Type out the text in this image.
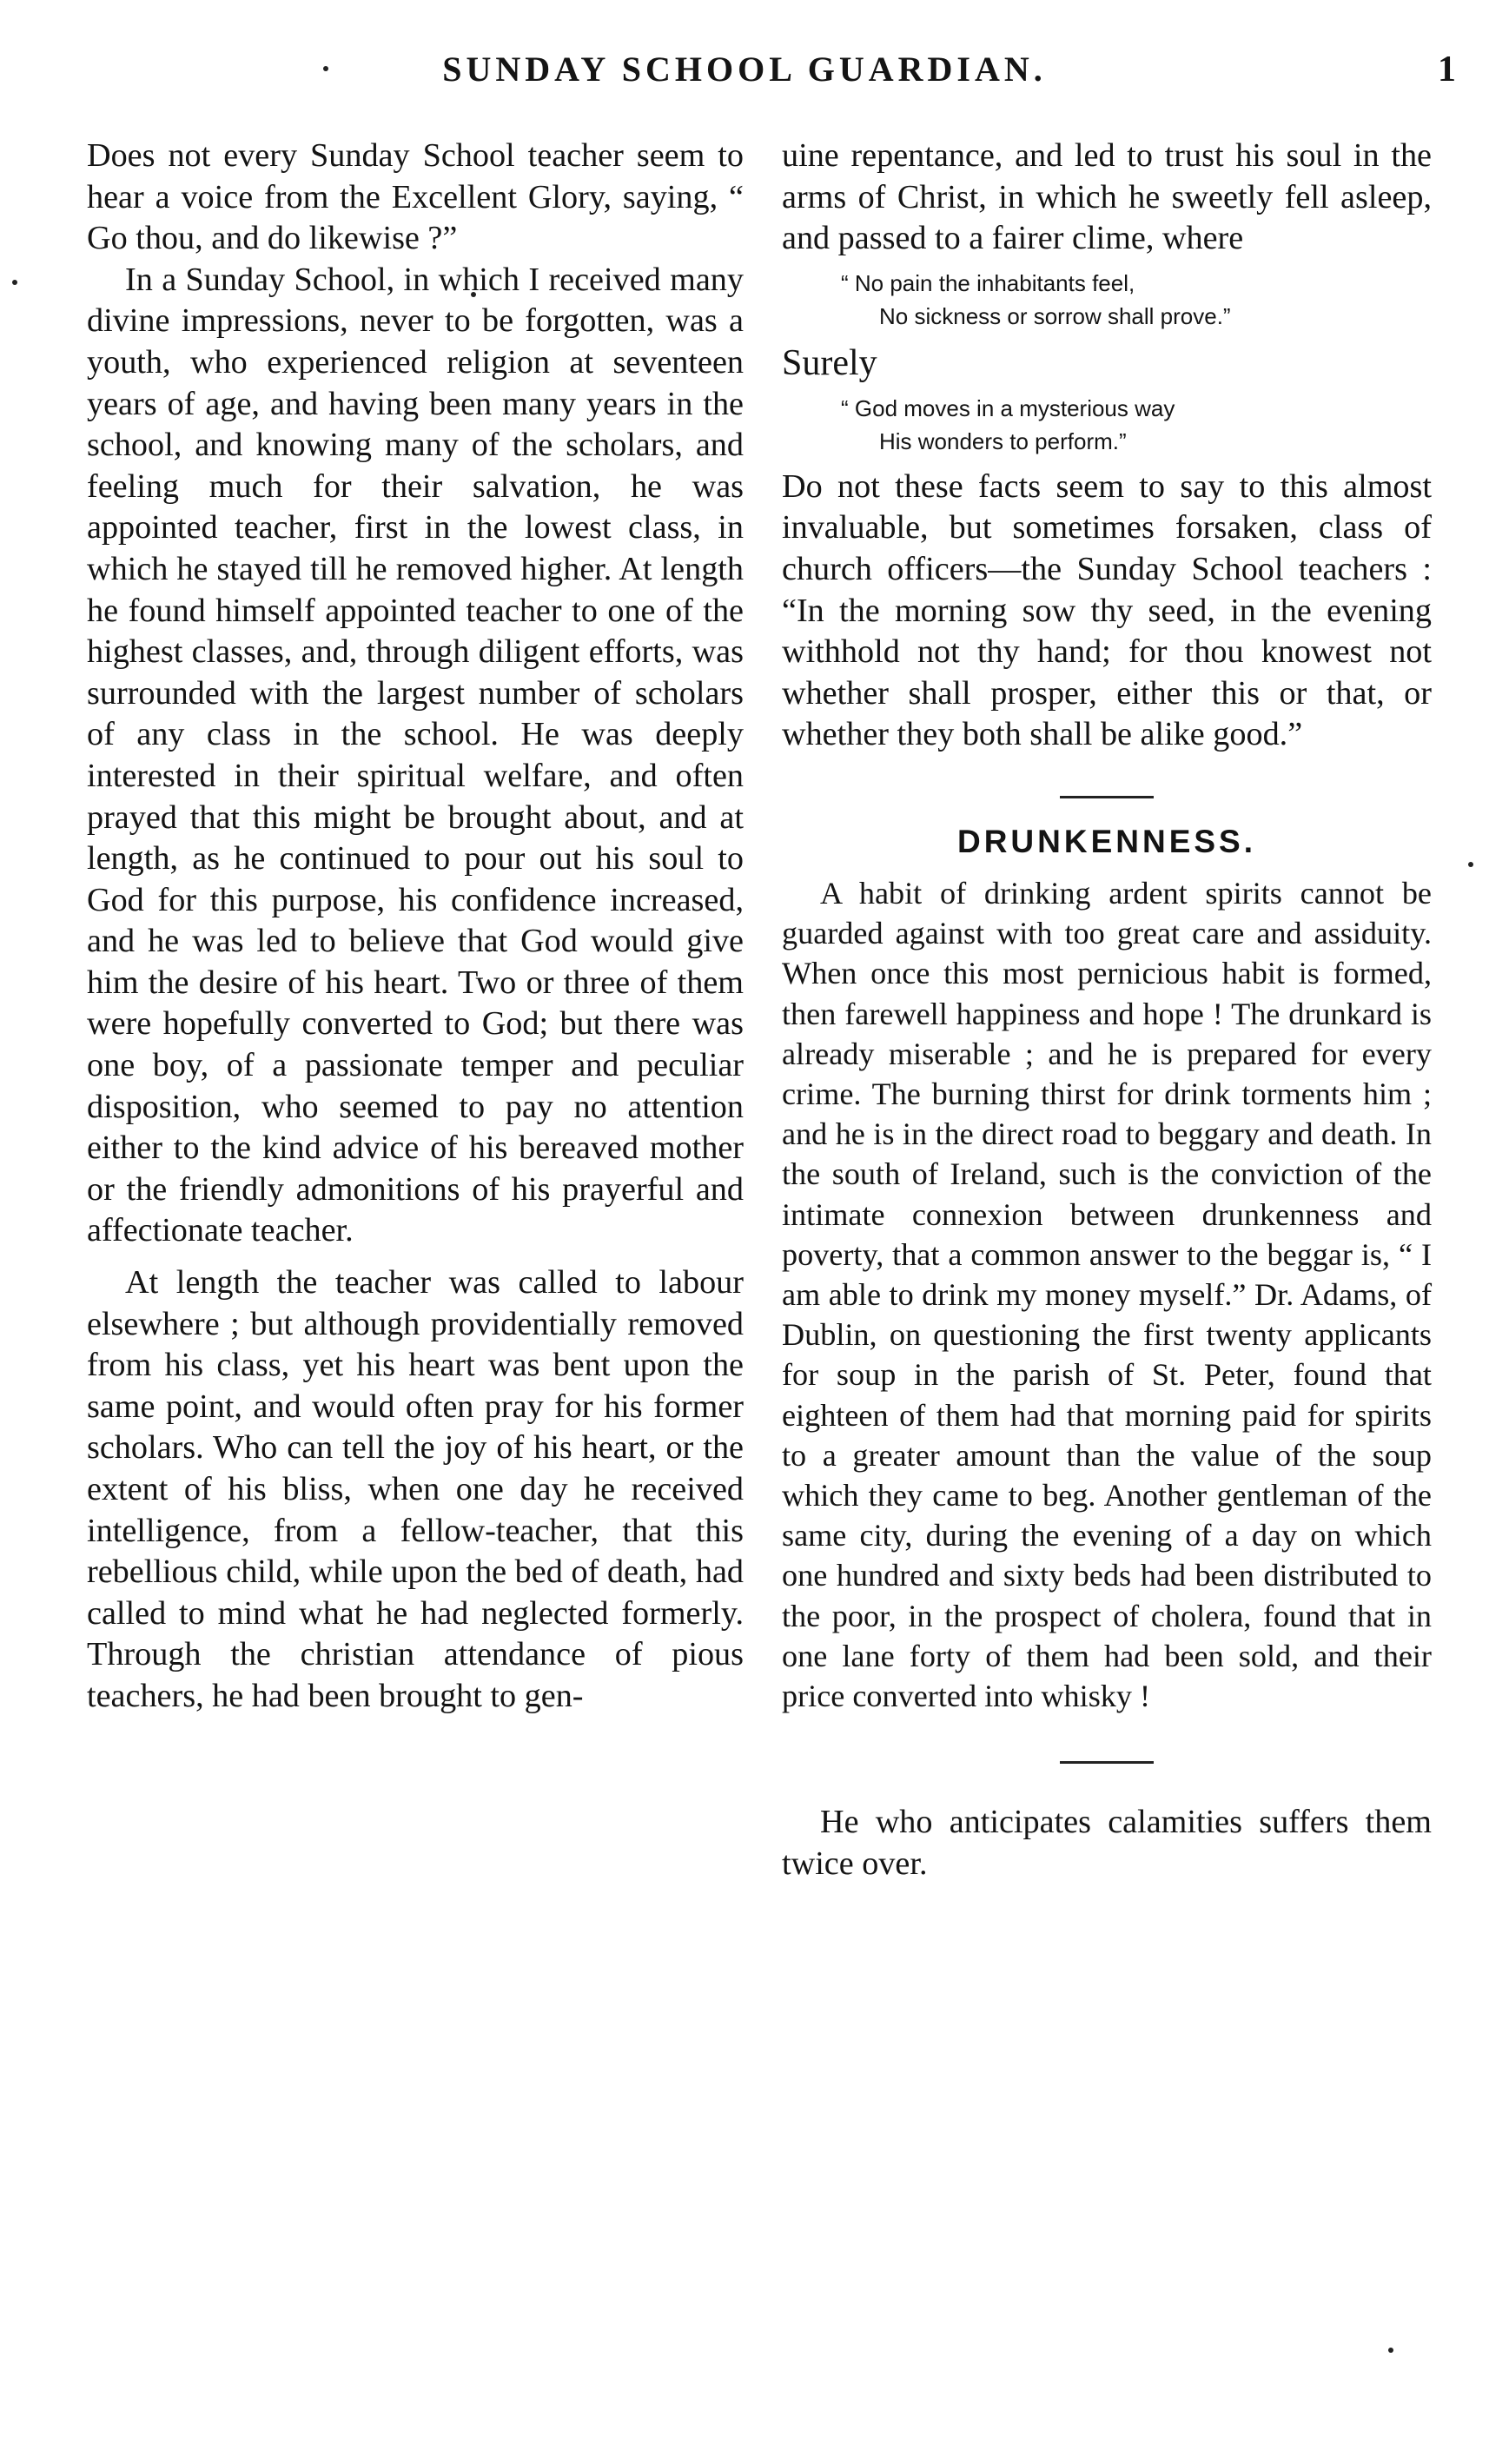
SUNDAY SCHOOL GUARDIAN.	1

Does not every Sunday School teacher seem to hear a voice from the Excellent Glory, saying, “ Go thou, and do likewise ?”

In a Sunday School, in which I received many divine impressions, never to be forgotten, was a youth, who experienced religion at seventeen years of age, and having been many years in the school, and knowing many of the scholars, and feeling much for their salvation, he was appointed teacher, first in the lowest class, in which he stayed till he removed higher. At length he found himself appointed teacher to one of the highest classes, and, through diligent efforts, was surrounded with the largest number of scholars of any class in the school. He was deeply interested in their spiritual welfare, and often prayed that this might be brought about, and at length, as he continued to pour out his soul to God for this purpose, his confidence increased, and he was led to believe that God would give him the desire of his heart. Two or three of them were hopefully converted to God; but there was one boy, of a passionate temper and peculiar disposition, who seemed to pay no attention either to the kind advice of his bereaved mother or the friendly admonitions of his prayerful and affectionate teacher.

At length the teacher was called to labour elsewhere ; but although providentially removed from his class, yet his heart was bent upon the same point, and would often pray for his former scholars. Who can tell the joy of his heart, or the extent of his bliss, when one day he received intelligence, from a fellow-teacher, that this rebellious child, while upon the bed of death, had called to mind what he had neglected formerly. Through the christian attendance of pious teachers, he had been brought to gen-

uine repentance, and led to trust his soul in the arms of Christ, in which he sweetly fell asleep, and passed to a fairer clime, where

“ No pain the inhabitants feel,
No sickness or sorrow shall prove.”
Surely
“ God moves in a mysterious way
His wonders to perform.”

Do not these facts seem to say to this almost invaluable, but sometimes forsaken, class of church officers—the Sunday School teachers : “In the morning sow thy seed, in the evening withhold not thy hand; for thou knowest not whether shall prosper, either this or that, or whether they both shall be alike good.”

DRUNKENNESS.

A habit of drinking ardent spirits cannot be guarded against with too great care and assiduity. When once this most pernicious habit is formed, then farewell happiness and hope ! The drunkard is already miserable ; and he is prepared for every crime. The burning thirst for drink torments him ; and he is in the direct road to beggary and death. In the south of Ireland, such is the conviction of the intimate connexion between drunkenness and poverty, that a common answer to the beggar is, “ I am able to drink my money myself.” Dr. Adams, of Dublin, on questioning the first twenty applicants for soup in the parish of St. Peter, found that eighteen of them had that morning paid for spirits to a greater amount than the value of the soup which they came to beg. Another gentleman of the same city, during the evening of a day on which one hundred and sixty beds had been distributed to the poor, in the prospect of cholera, found that in one lane forty of them had been sold, and their price converted into whisky !

He who anticipates calamities suffers them twice over.
